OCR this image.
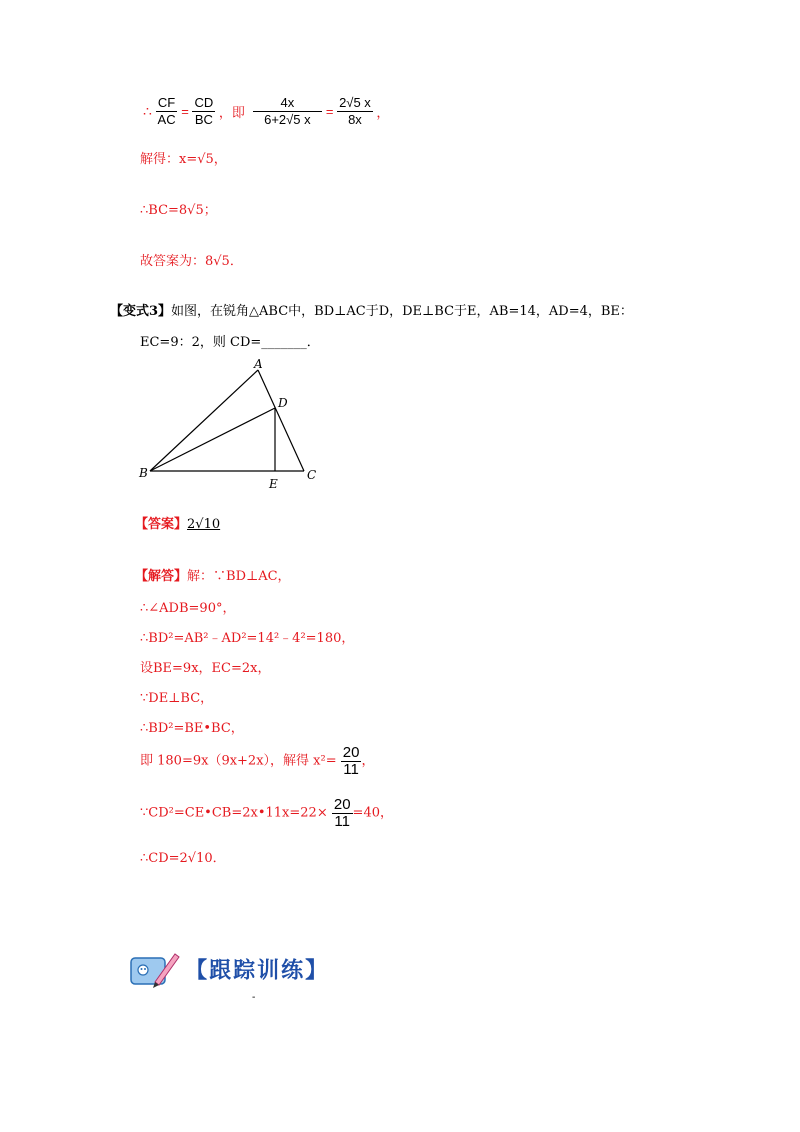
∴ $\frac{CF}{AC} = \frac{CD}{BC}$ ，即 $\frac{4x}{6+2√5 x} = \frac{2√5 x}{8x}$ ，
解得：x=√5，
∴BC=8√5；
故答案为：8√5．
【变式3】如图，在锐角△ABC中，BD⊥AC于D，DE⊥BC于E，AB=14，AD=4，BE：
EC=9：2，则 CD=_______．
A
D
B	C
E
【答案】2√10
【解答】解：∵BD⊥AC，
∴∠ADB=90°，
∴BD²=AB²﹣AD²=14²﹣4²=180，
设BE=9x，EC=2x，
∵DE⊥BC，
∴BD²=BE•BC，
即 180=9x（9x+2x），解得 $x^2= \frac{20}{11}$ ，
∵CD²=CE•CB=2x•11x=22× $\frac{20}{11} =40$，
∴CD=2√10．
【跟踪训练】
-
